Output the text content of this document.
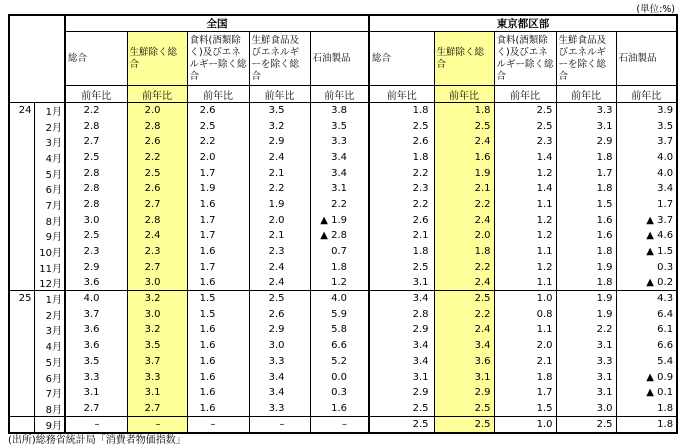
(単位:%)
		全国					東京都区部				
		総合	生鮮除く総合	食料(酒類除く)及びエネルギー除く総合	生鮮食品及びエネルギーを除く総合	石油製品	総合	生鮮除く総合	食料(酒類除く)及びエネルギー除く総合	生鮮食品及びエネルギーを除く総合	石油製品
		前年比	前年比	前年比	前年比	前年比	前年比	前年比	前年比	前年比	前年比
24	1月	2.2	2.0	2.6	3.5	3.8	1.8	1.8	2.5	3.3	3.9
	2月	2.8	2.8	2.5	3.2	3.5	2.5	2.5	2.5	3.1	3.5
	3月	2.7	2.6	2.2	2.9	3.3	2.6	2.4	2.3	2.9	3.7
	4月	2.5	2.2	2.0	2.4	3.4	1.8	1.6	1.4	1.8	4.0
	5月	2.8	2.5	1.7	2.1	3.4	2.2	1.9	1.2	1.7	4.0
	6月	2.8	2.6	1.9	2.2	3.1	2.3	2.1	1.4	1.8	3.4
	7月	2.8	2.7	1.6	1.9	2.2	2.2	2.2	1.1	1.5	1.7
	8月	3.0	2.8	1.7	2.0	▲ 1.9	2.6	2.4	1.2	1.6	▲ 3.7
	9月	2.5	2.4	1.7	2.1	▲ 2.8	2.1	2.0	1.2	1.6	▲ 4.6
	10月	2.3	2.3	1.6	2.3	0.7	1.8	1.8	1.1	1.8	▲ 1.5
	11月	2.9	2.7	1.7	2.4	1.8	2.5	2.2	1.2	1.9	0.3
	12月	3.6	3.0	1.6	2.4	1.2	3.1	2.4	1.1	1.8	▲ 0.2
25	1月	4.0	3.2	1.5	2.5	4.0	3.4	2.5	1.0	1.9	4.3
	2月	3.7	3.0	1.5	2.6	5.9	2.8	2.2	0.8	1.9	6.4
	3月	3.6	3.2	1.6	2.9	5.8	2.9	2.4	1.1	2.2	6.1
	4月	3.6	3.5	1.6	3.0	6.6	3.4	3.4	2.0	3.1	6.6
	5月	3.5	3.7	1.6	3.3	5.2	3.4	3.6	2.1	3.3	5.4
	6月	3.3	3.3	1.6	3.4	0.0	3.1	3.1	1.8	3.1	▲ 0.9
	7月	3.1	3.1	1.6	3.4	0.3	2.9	2.9	1.7	3.1	▲ 0.1
	8月	2.7	2.7	1.6	3.3	1.6	2.5	2.5	1.5	3.0	1.8
	9月	–	–	–	–	–	2.5	2.5	1.0	2.5	1.8
(出所)総務省統計局「消費者物価指数」
